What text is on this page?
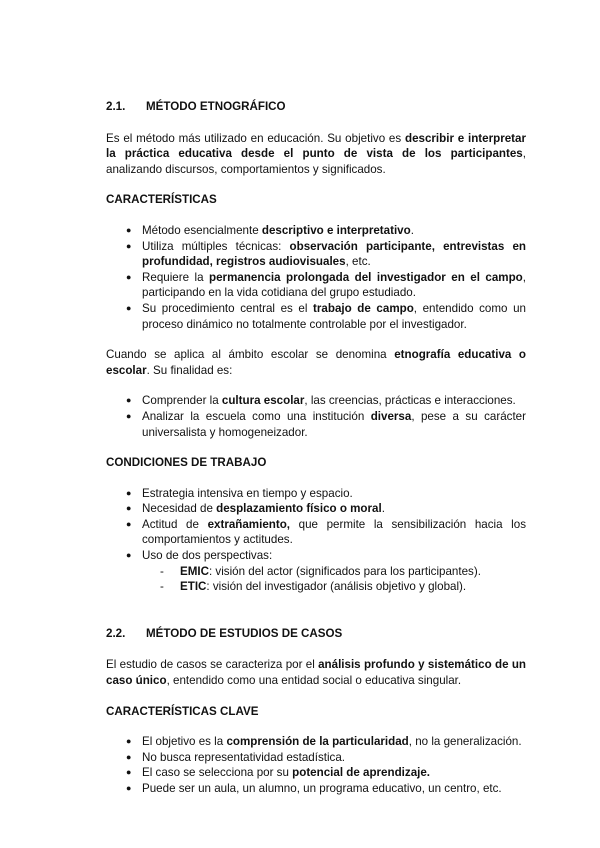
2.1.	MÉTODO ETNOGRÁFICO

Es el método más utilizado en educación. Su objetivo es describir e interpretar la práctica educativa desde el punto de vista de los participantes, analizando discursos, comportamientos y significados.

CARACTERÍSTICAS
● Método esencialmente descriptivo e interpretativo.
● Utiliza múltiples técnicas: observación participante, entrevistas en profundidad, registros audiovisuales, etc.
● Requiere la permanencia prolongada del investigador en el campo, participando en la vida cotidiana del grupo estudiado.
● Su procedimiento central es el trabajo de campo, entendido como un proceso dinámico no totalmente controlable por el investigador.

Cuando se aplica al ámbito escolar se denomina etnografía educativa o escolar. Su finalidad es:

● Comprender la cultura escolar, las creencias, prácticas e interacciones.
● Analizar la escuela como una institución diversa, pese a su carácter universalista y homogeneizador.
CONDICIONES DE TRABAJO
● Estrategia intensiva en tiempo y espacio.
● Necesidad de desplazamiento físico o moral.
● Actitud de extrañamiento, que permite la sensibilización hacia los comportamientos y actitudes.
● Uso de dos perspectivas:
- EMIC: visión del actor (significados para los participantes).
- ETIC: visión del investigador (análisis objetivo y global).
2.2.	MÉTODO DE ESTUDIOS DE CASOS

El estudio de casos se caracteriza por el análisis profundo y sistemático de un caso único, entendido como una entidad social o educativa singular.

CARACTERÍSTICAS CLAVE
● El objetivo es la comprensión de la particularidad, no la generalización.
● No busca representatividad estadística.
● El caso se selecciona por su potencial de aprendizaje.
● Puede ser un aula, un alumno, un programa educativo, un centro, etc.
